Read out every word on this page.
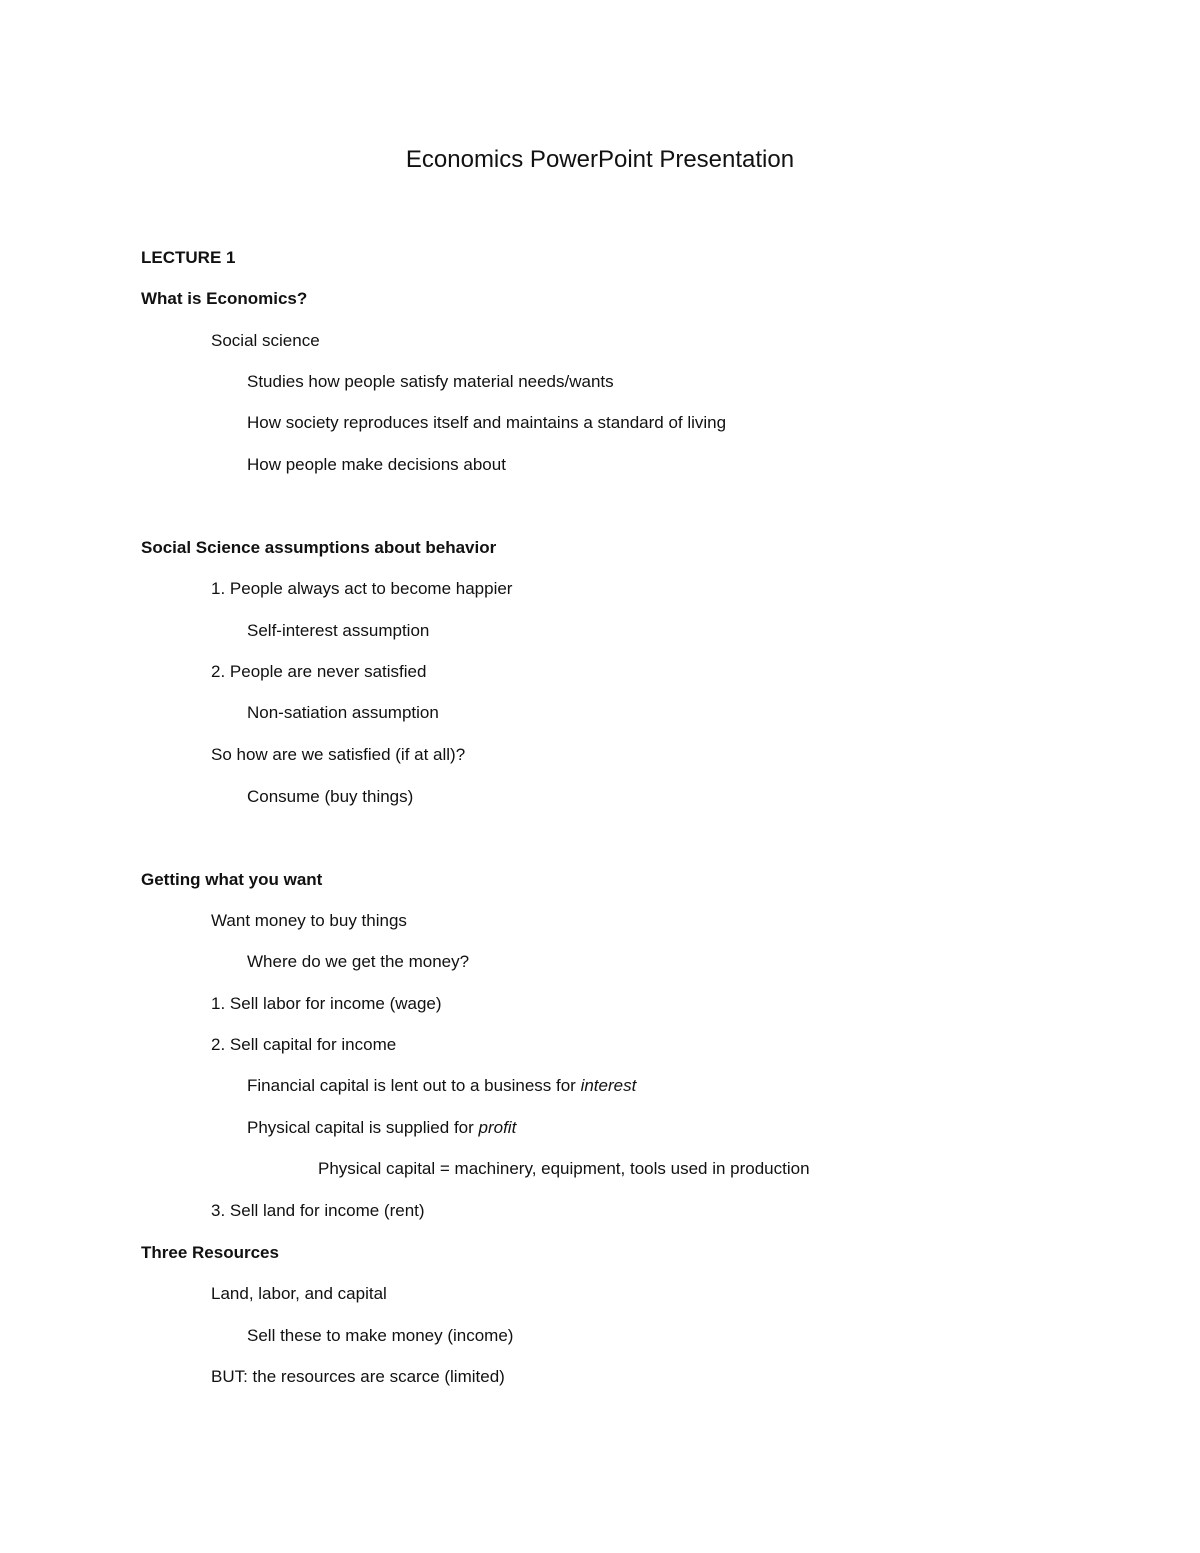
Economics PowerPoint Presentation
LECTURE 1
What is Economics?
Social science
Studies how people satisfy material needs/wants
How society reproduces itself and maintains a standard of living
How people make decisions about
Social Science assumptions about behavior
1. People always act to become happier
Self-interest assumption
2. People are never satisfied
Non-satiation assumption
So how are we satisfied (if at all)?
Consume (buy things)
Getting what you want
Want money to buy things
Where do we get the money?
1. Sell labor for income (wage)
2. Sell capital for income
Financial capital is lent out to a business for interest
Physical capital is supplied for profit
Physical capital = machinery, equipment, tools used in production
3. Sell land for income (rent)
Three Resources
Land, labor, and capital
Sell these to make money (income)
BUT: the resources are scarce (limited)
